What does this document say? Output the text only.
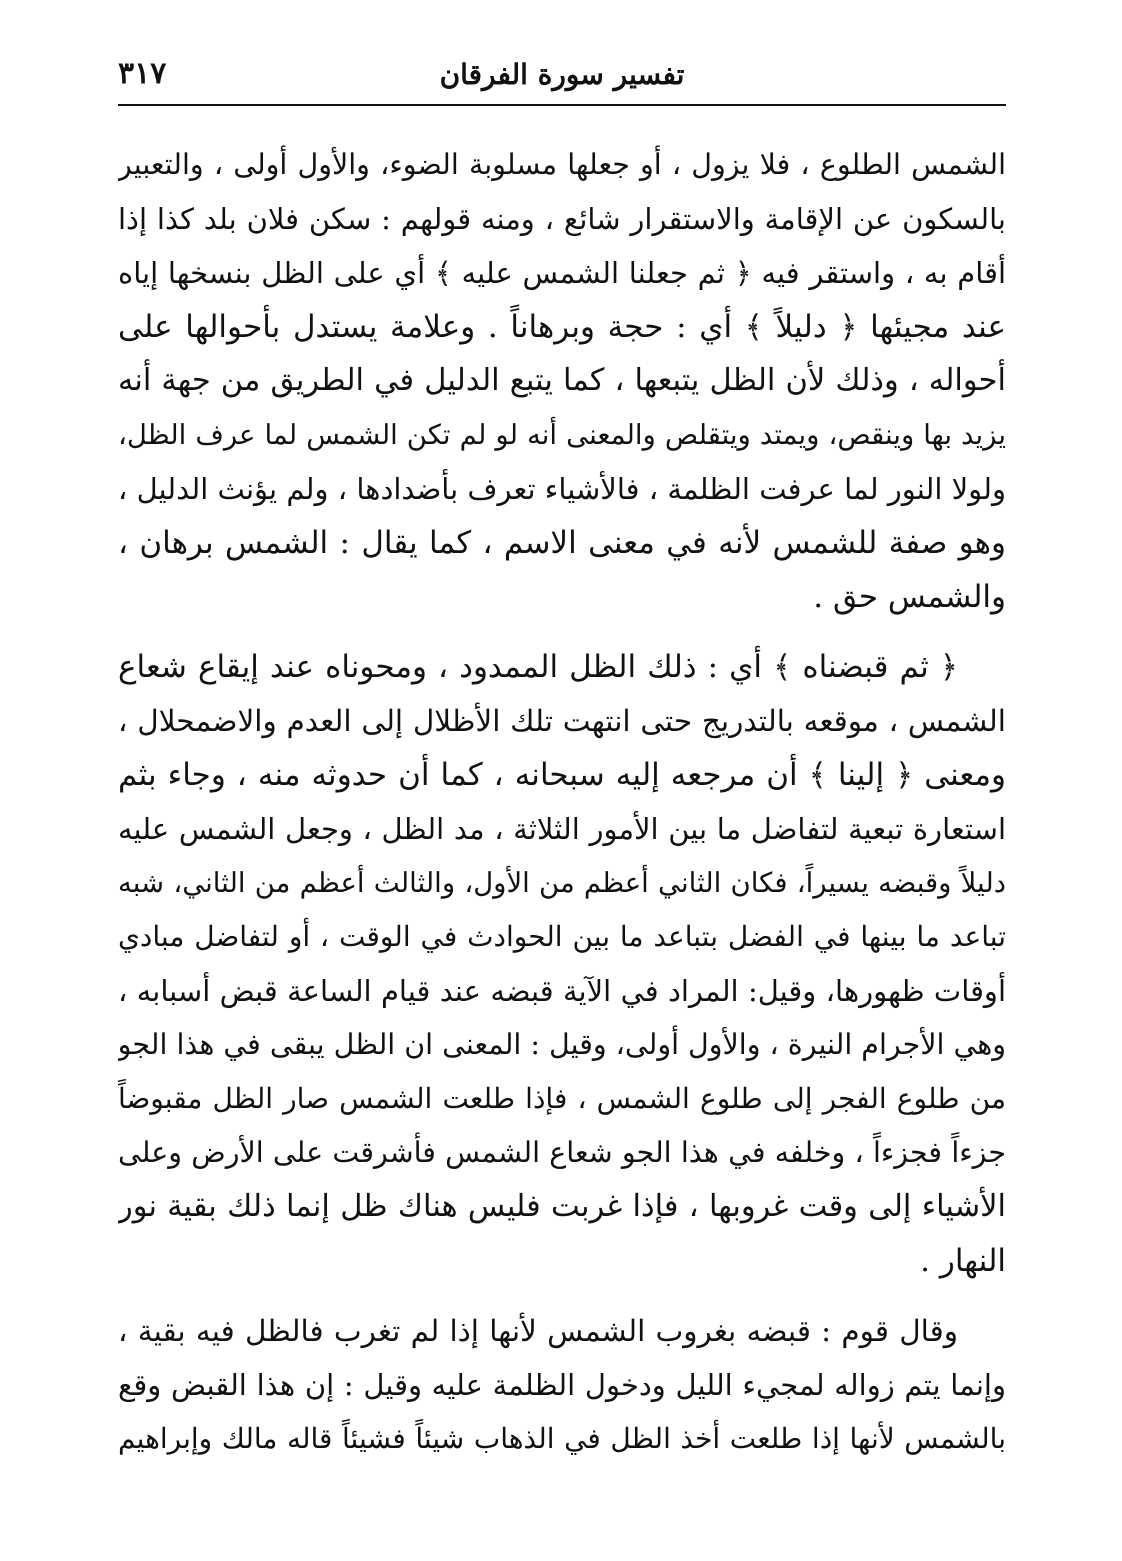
تفسير سورة الفرقان
٣١٧
الشمس الطلوع ، فلا يزول ، أو جعلها مسلوبة الضوء، والأول أولى ، والتعبير
بالسكون عن الإقامة والاستقرار شائع ، ومنه قولهم : سكن فلان بلد كذا إذا
أقام به ، واستقر فيه ﴿ ثم جعلنا الشمس عليه ﴾ أي على الظل بنسخها إياه
عند مجيئها ﴿ دليلاً ﴾ أي : حجة وبرهاناً . وعلامة يستدل بأحوالها على
أحواله ، وذلك لأن الظل يتبعها ، كما يتبع الدليل في الطريق من جهة أنه
يزيد بها وينقص، ويمتد ويتقلص والمعنى أنه لو لم تكن الشمس لما عرف الظل،
ولولا النور لما عرفت الظلمة ، فالأشياء تعرف بأضدادها ، ولم يؤنث الدليل ،
وهو صفة للشمس لأنه في معنى الاسم ، كما يقال : الشمس برهان ،
والشمس حق .
﴿ ثم قبضناه ﴾ أي : ذلك الظل الممدود ، ومحوناه عند إيقاع شعاع
الشمس ، موقعه بالتدريج حتى انتهت تلك الأظلال إلى العدم والاضمحلال ،
ومعنى ﴿ إلينا ﴾ أن مرجعه إليه سبحانه ، كما أن حدوثه منه ، وجاء بثم
استعارة تبعية لتفاضل ما بين الأمور الثلاثة ، مد الظل ، وجعل الشمس عليه
دليلاً وقبضه يسيراً، فكان الثاني أعظم من الأول، والثالث أعظم من الثاني، شبه
تباعد ما بينها في الفضل بتباعد ما بين الحوادث في الوقت ، أو لتفاضل مبادي
أوقات ظهورها، وقيل: المراد في الآية قبضه عند قيام الساعة قبض أسبابه ،
وهي الأجرام النيرة ، والأول أولى، وقيل : المعنى ان الظل يبقى في هذا الجو
من طلوع الفجر إلى طلوع الشمس ، فإذا طلعت الشمس صار الظل مقبوضاً
جزءاً فجزءاً ، وخلفه في هذا الجو شعاع الشمس فأشرقت على الأرض وعلى
الأشياء إلى وقت غروبها ، فإذا غربت فليس هناك ظل إنما ذلك بقية نور
النهار .
وقال قوم : قبضه بغروب الشمس لأنها إذا لم تغرب فالظل فيه بقية ،
وإنما يتم زواله لمجيء الليل ودخول الظلمة عليه وقيل : إن هذا القبض وقع
بالشمس لأنها إذا طلعت أخذ الظل في الذهاب شيئاً فشيئاً قاله مالك وإبراهيم
